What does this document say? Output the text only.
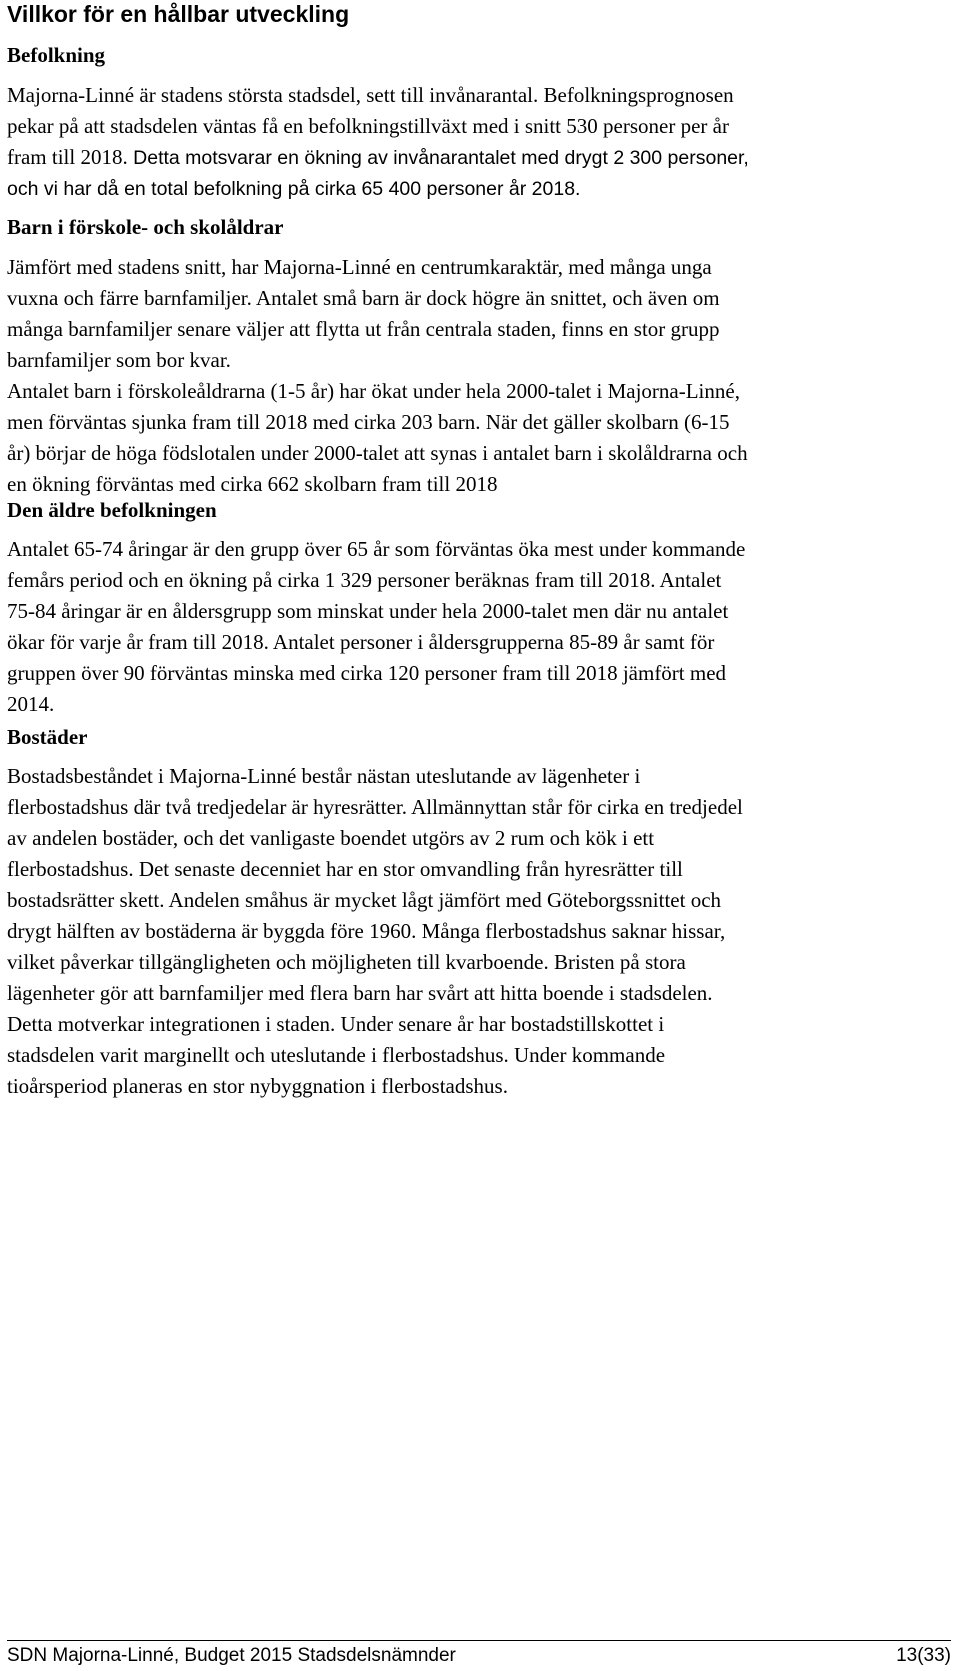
Villkor för en hållbar utveckling
Befolkning
Majorna-Linné är stadens största stadsdel, sett till invånarantal. Befolkningsprognosen
pekar på att stadsdelen väntas få en befolkningstillväxt med i snitt 530 personer per år
fram till 2018. Detta motsvarar en ökning av invånarantalet med drygt 2 300 personer,
och vi har då en total befolkning på cirka 65 400 personer år 2018.
Barn i förskole- och skolåldrar
Jämfört med stadens snitt, har Majorna-Linné en centrumkaraktär, med många unga
vuxna och färre barnfamiljer. Antalet små barn är dock högre än snittet, och även om
många barnfamiljer senare väljer att flytta ut från centrala staden, finns en stor grupp
barnfamiljer som bor kvar.
Antalet barn i förskoleåldrarna (1-5 år) har ökat under hela 2000-talet i Majorna-Linné,
men förväntas sjunka fram till 2018 med cirka 203 barn. När det gäller skolbarn (6-15
år) börjar de höga födslotalen under 2000-talet att synas i antalet barn i skolåldrarna och
en ökning förväntas med cirka 662 skolbarn fram till 2018
Den äldre befolkningen
Antalet 65-74 åringar är den grupp över 65 år som förväntas öka mest under kommande
femårs period och en ökning på cirka 1 329 personer beräknas fram till 2018. Antalet
75-84 åringar är en åldersgrupp som minskat under hela 2000-talet men där nu antalet
ökar för varje år fram till 2018. Antalet personer i åldersgrupperna 85-89 år samt för
gruppen över 90 förväntas minska med cirka 120 personer fram till 2018 jämfört med
2014.
Bostäder
Bostadsbeståndet i Majorna-Linné består nästan uteslutande av lägenheter i
flerbostadshus där två tredjedelar är hyresrätter. Allmännyttan står för cirka en tredjedel
av andelen bostäder, och det vanligaste boendet utgörs av 2 rum och kök i ett
flerbostadshus. Det senaste decenniet har en stor omvandling från hyresrätter till
bostadsrätter skett. Andelen småhus är mycket lågt jämfört med Göteborgssnittet och
drygt hälften av bostäderna är byggda före 1960. Många flerbostadshus saknar hissar,
vilket påverkar tillgängligheten och möjligheten till kvarboende. Bristen på stora
lägenheter gör att barnfamiljer med flera barn har svårt att hitta boende i stadsdelen.
Detta motverkar integrationen i staden. Under senare år har bostadstillskottet i
stadsdelen varit marginellt och uteslutande i flerbostadshus. Under kommande
tioårsperiod planeras en stor nybyggnation i flerbostadshus.
SDN Majorna-Linné, Budget 2015 Stadsdelsnämnder	13(33)
